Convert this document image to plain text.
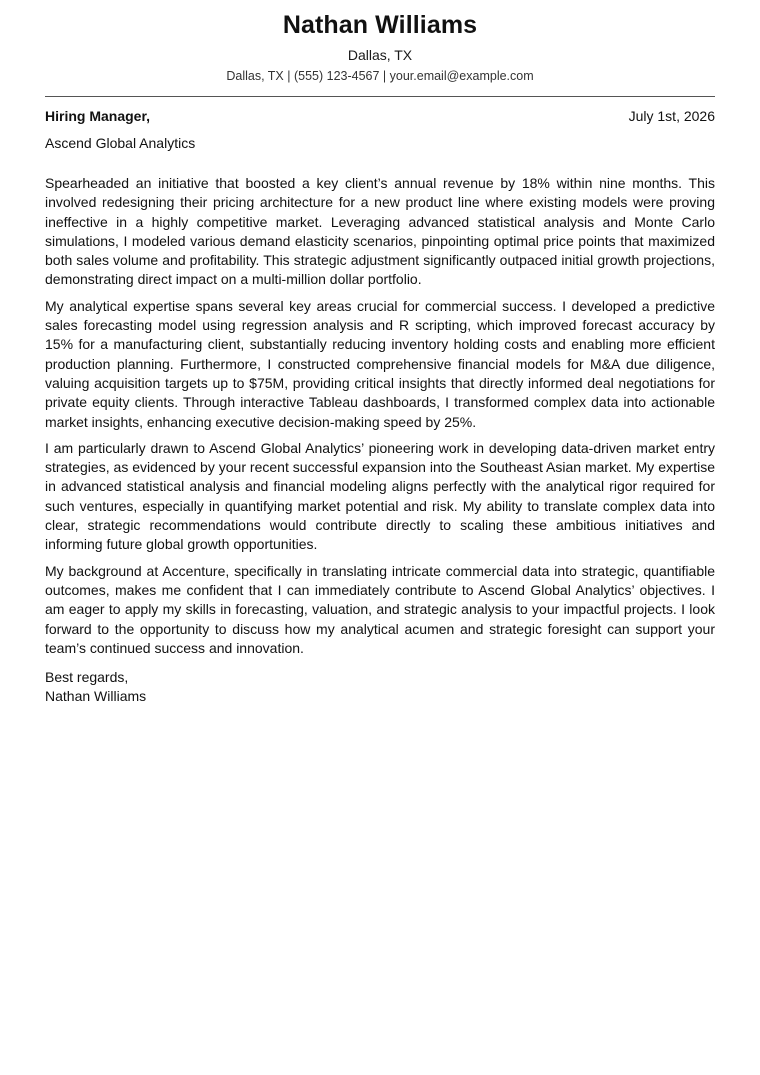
Nathan Williams
Dallas, TX
Dallas, TX | (555) 123-4567 | your.email@example.com
Hiring Manager,	July 1st, 2026
Ascend Global Analytics

Spearheaded an initiative that boosted a key client’s annual revenue by 18% within nine months. This involved redesigning their pricing architecture for a new product line where existing models were proving ineffective in a highly competitive market. Leveraging advanced statistical analysis and Monte Carlo simulations, I modeled various demand elasticity scenarios, pinpointing optimal price points that maximized both sales volume and profitability. This strategic adjustment significantly outpaced initial growth projections, demonstrating direct impact on a multi-million dollar portfolio.

My analytical expertise spans several key areas crucial for commercial success. I developed a predictive sales forecasting model using regression analysis and R scripting, which improved forecast accuracy by 15% for a manufacturing client, substantially reducing inventory holding costs and enabling more efficient production planning. Furthermore, I constructed comprehensive financial models for M&A due diligence, valuing acquisition targets up to $75M, providing critical insights that directly informed deal negotiations for private equity clients. Through interactive Tableau dashboards, I transformed complex data into actionable market insights, enhancing executive decision-making speed by 25%.

I am particularly drawn to Ascend Global Analytics’ pioneering work in developing data-driven market entry strategies, as evidenced by your recent successful expansion into the Southeast Asian market. My expertise in advanced statistical analysis and financial modeling aligns perfectly with the analytical rigor required for such ventures, especially in quantifying market potential and risk. My ability to translate complex data into clear, strategic recommendations would contribute directly to scaling these ambitious initiatives and informing future global growth opportunities.

My background at Accenture, specifically in translating intricate commercial data into strategic, quantifiable outcomes, makes me confident that I can immediately contribute to Ascend Global Analytics’ objectives. I am eager to apply my skills in forecasting, valuation, and strategic analysis to your impactful projects. I look forward to the opportunity to discuss how my analytical acumen and strategic foresight can support your team’s continued success and innovation.

Best regards,
Nathan Williams
